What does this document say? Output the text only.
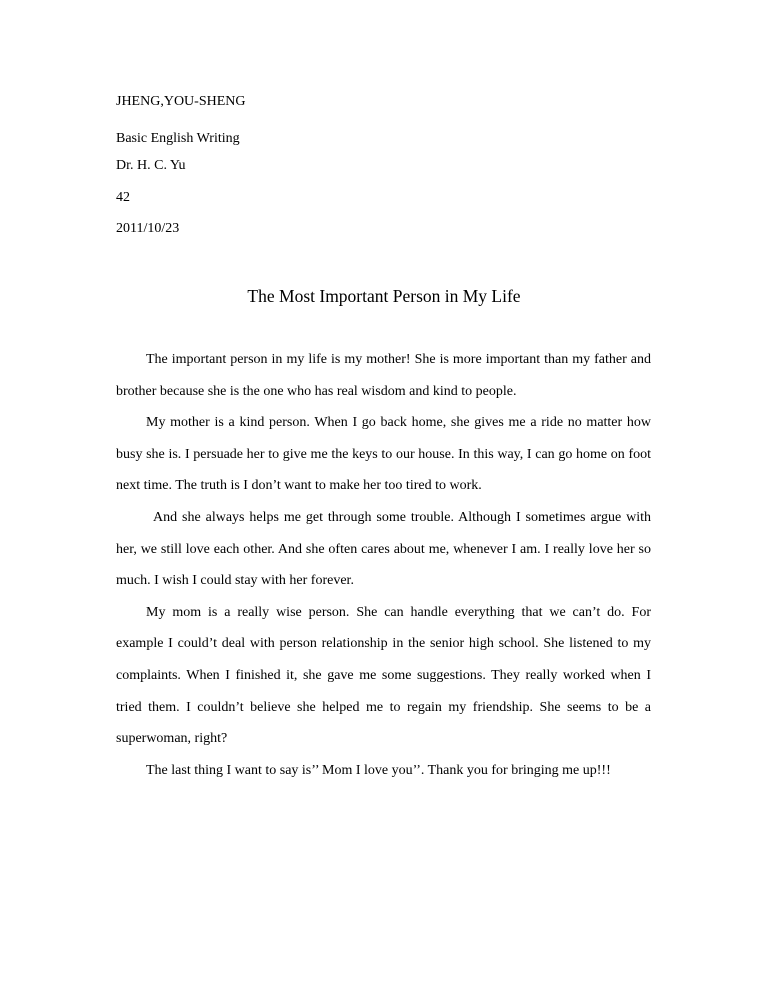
JHENG,YOU-SHENG
Basic English Writing
Dr. H. C. Yu
42
2011/10/23
The Most Important Person in My Life

The important person in my life is my mother! She is more important than my father and brother because she is the one who has real wisdom and kind to people.

My mother is a kind person. When I go back home, she gives me a ride no matter how busy she is. I persuade her to give me the keys to our house. In this way, I can go home on foot next time. The truth is I don’t want to make her too tired to work.

And she always helps me get through some trouble. Although I sometimes argue with her, we still love each other. And she often cares about me, whenever I am. I really love her so much. I wish I could stay with her forever.

My mom is a really wise person. She can handle everything that we can’t do. For example I could’t deal with person relationship in the senior high school. She listened to my complaints. When I finished it, she gave me some suggestions. They really worked when I tried them. I couldn’t believe she helped me to regain my friendship. She seems to be a superwoman, right?

The last thing I want to say is’’ Mom I love you’’. Thank you for bringing me up!!!
